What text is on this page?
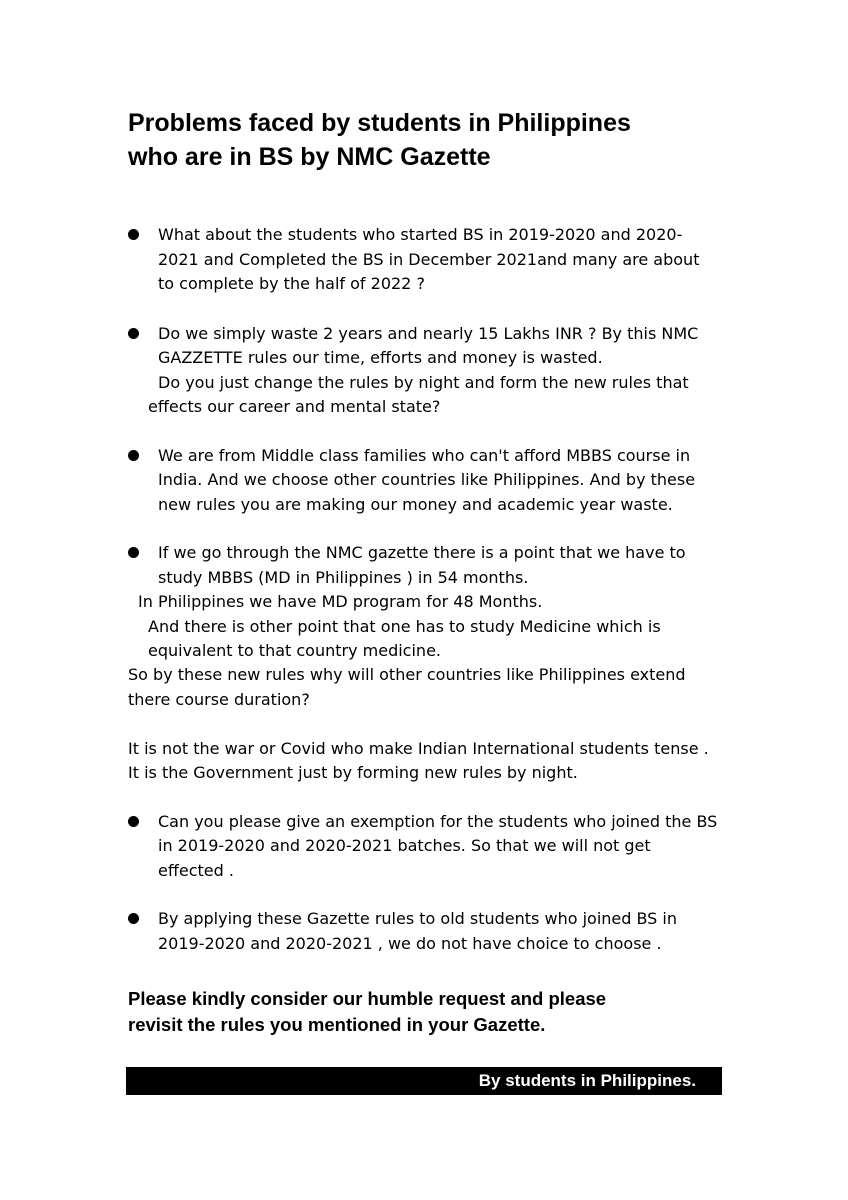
Problems faced by students in Philippines
who are in BS by NMC Gazette
What about the students who started BS in 2019-2020 and 2020-
2021 and Completed the BS in December 2021and many are about
to complete by the half of 2022 ?
Do we simply waste 2 years and nearly 15 Lakhs INR ? By this NMC
GAZZETTE rules our time, efforts and money is wasted.
Do you just change the rules by night and form the new rules that
effects our career and mental state?
We are from Middle class families who can't afford MBBS course in
India. And we choose other countries like Philippines. And by these
new rules you are making our money and academic year waste.
If we go through the NMC gazette there is a point that we have to
study MBBS (MD in Philippines ) in 54 months.
In Philippines we have MD program for 48 Months.
And there is other point that one has to study Medicine which is
equivalent to that country medicine.
So by these new rules why will other countries like Philippines extend
there course duration?
It is not the war or Covid who make Indian International students tense .
It is the Government just by forming new rules by night.
Can you please give an exemption for the students who joined the BS
in 2019-2020 and 2020-2021 batches. So that we will not get
effected .
By applying these Gazette rules to old students who joined BS in
2019-2020 and 2020-2021 , we do not have choice to choose .

Please kindly consider our humble request and please
revisit the rules you mentioned in your Gazette.

By students in Philippines.
